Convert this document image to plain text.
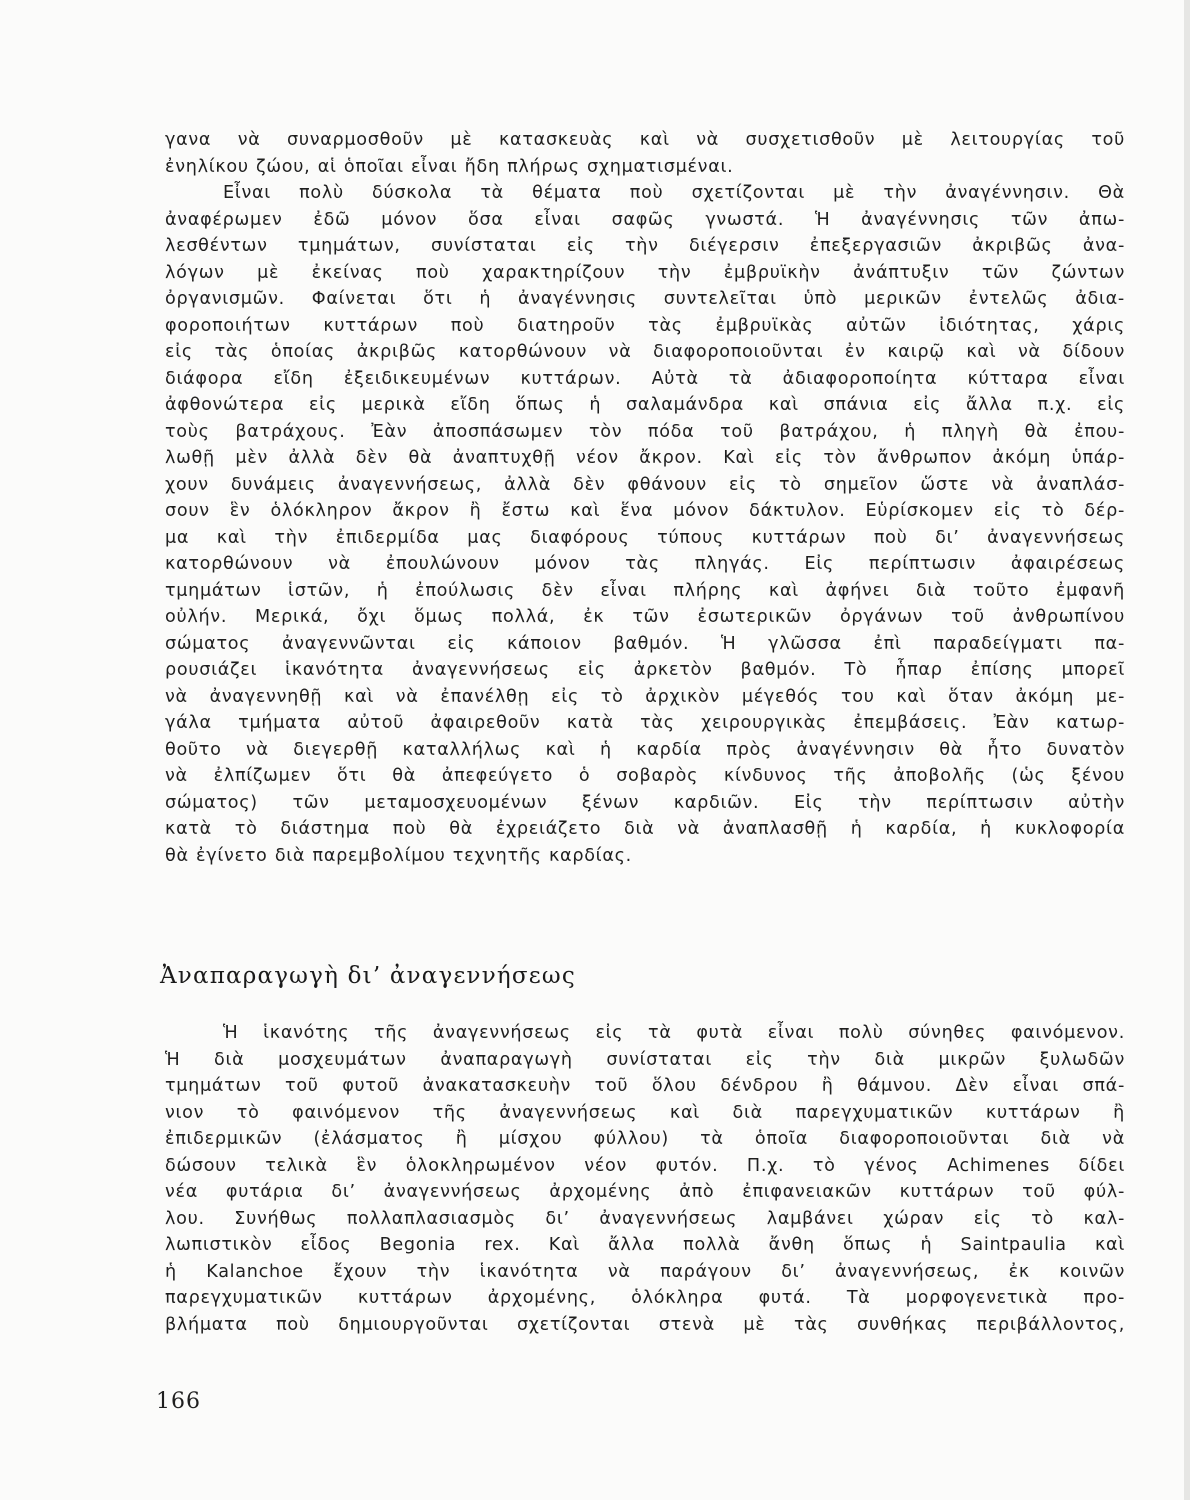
γανα νὰ συναρμοσθοῦν μὲ κατασκευὰς καὶ νὰ συσχετισθοῦν μὲ λειτουργίας τοῦ
ἐνηλίκου ζώου, αἱ ὁποῖαι εἶναι ἤδη πλήρως σχηματισμέναι.
Εἶναι πολὺ δύσκολα τὰ θέματα ποὺ σχετίζονται μὲ τὴν ἀναγέννησιν. Θὰ
ἀναφέρωμεν ἐδῶ μόνον ὅσα εἶναι σαφῶς γνωστά. Ἡ ἀναγέννησις τῶν ἀπω-
λεσθέντων τμημάτων, συνίσταται εἰς τὴν διέγερσιν ἐπεξεργασιῶν ἀκριβῶς ἀνα-
λόγων μὲ ἐκείνας ποὺ χαρακτηρίζουν τὴν ἐμβρυϊκὴν ἀνάπτυξιν τῶν ζώντων
ὀργανισμῶν. Φαίνεται ὅτι ἡ ἀναγέννησις συντελεῖται ὑπὸ μερικῶν ἐντελῶς ἀδια-
φοροποιήτων κυττάρων ποὺ διατηροῦν τὰς ἐμβρυϊκὰς αὐτῶν ἰδιότητας, χάρις
εἰς τὰς ὁποίας ἀκριβῶς κατορθώνουν νὰ διαφοροποιοῦνται ἐν καιρῷ καὶ νὰ δίδουν
διάφορα εἴδη ἐξειδικευμένων κυττάρων. Αὐτὰ τὰ ἀδιαφοροποίητα κύτταρα εἶναι
ἀφθονώτερα εἰς μερικὰ εἴδη ὅπως ἡ σαλαμάνδρα καὶ σπάνια εἰς ἄλλα π.χ. εἰς
τοὺς βατράχους. Ἐὰν ἀποσπάσωμεν τὸν πόδα τοῦ βατράχου, ἡ πληγὴ θὰ ἐπου-
λωθῇ μὲν ἀλλὰ δὲν θὰ ἀναπτυχθῇ νέον ἄκρον. Καὶ εἰς τὸν ἄνθρωπον ἀκόμη ὑπάρ-
χουν δυνάμεις ἀναγεννήσεως, ἀλλὰ δὲν φθάνουν εἰς τὸ σημεῖον ὥστε νὰ ἀναπλάσ-
σουν ἓν ὁλόκληρον ἄκρον ἢ ἔστω καὶ ἕνα μόνον δάκτυλον. Εὑρίσκομεν εἰς τὸ δέρ-
μα καὶ τὴν ἐπιδερμίδα μας διαφόρους τύπους κυττάρων ποὺ δι’ ἀναγεννήσεως
κατορθώνουν νὰ ἐπουλώνουν μόνον τὰς πληγάς. Εἰς περίπτωσιν ἀφαιρέσεως
τμημάτων ἱστῶν, ἡ ἐπούλωσις δὲν εἶναι πλήρης καὶ ἀφήνει διὰ τοῦτο ἐμφανῆ
οὐλήν. Μερικά, ὄχι ὅμως πολλά, ἐκ τῶν ἐσωτερικῶν ὀργάνων τοῦ ἀνθρωπίνου
σώματος ἀναγεννῶνται εἰς κάποιον βαθμόν. Ἡ γλῶσσα ἐπὶ παραδείγματι πα-
ρουσιάζει ἱκανότητα ἀναγεννήσεως εἰς ἀρκετὸν βαθμόν. Τὸ ἧπαρ ἐπίσης μπορεῖ
νὰ ἀναγεννηθῇ καὶ νὰ ἐπανέλθῃ εἰς τὸ ἀρχικὸν μέγεθός του καὶ ὅταν ἀκόμη με-
γάλα τμήματα αὐτοῦ ἀφαιρεθοῦν κατὰ τὰς χειρουργικὰς ἐπεμβάσεις. Ἐὰν κατωρ-
θοῦτο νὰ διεγερθῇ καταλλήλως καὶ ἡ καρδία πρὸς ἀναγέννησιν θὰ ἦτο δυνατὸν
νὰ ἐλπίζωμεν ὅτι θὰ ἀπεφεύγετο ὁ σοβαρὸς κίνδυνος τῆς ἀποβολῆς (ὡς ξένου
σώματος) τῶν μεταμοσχευομένων ξένων καρδιῶν. Εἰς τὴν περίπτωσιν αὐτὴν
κατὰ τὸ διάστημα ποὺ θὰ ἐχρειάζετο διὰ νὰ ἀναπλασθῇ ἡ καρδία, ἡ κυκλοφορία
θὰ ἐγίνετο διὰ παρεμβολίμου τεχνητῆς καρδίας.
Ἀναπαραγωγὴ δι’ ἀναγεννήσεως
Ἡ ἱκανότης τῆς ἀναγεννήσεως εἰς τὰ φυτὰ εἶναι πολὺ σύνηθες φαινόμενον.
Ἡ διὰ μοσχευμάτων ἀναπαραγωγὴ συνίσταται εἰς τὴν διὰ μικρῶν ξυλωδῶν
τμημάτων τοῦ φυτοῦ ἀνακατασκευὴν τοῦ ὅλου δένδρου ἢ θάμνου. Δὲν εἶναι σπά-
νιον τὸ φαινόμενον τῆς ἀναγεννήσεως καὶ διὰ παρεγχυματικῶν κυττάρων ἢ
ἐπιδερμικῶν (ἐλάσματος ἢ μίσχου φύλλου) τὰ ὁποῖα διαφοροποιοῦνται διὰ νὰ
δώσουν τελικὰ ἓν ὁλοκληρωμένον νέον φυτόν. Π.χ. τὸ γένος Achimenes δίδει
νέα φυτάρια δι’ ἀναγεννήσεως ἀρχομένης ἀπὸ ἐπιφανειακῶν κυττάρων τοῦ φύλ-
λου. Συνήθως πολλαπλασιασμὸς δι’ ἀναγεννήσεως λαμβάνει χώραν εἰς τὸ καλ-
λωπιστικὸν εἶδος Begonia rex. Καὶ ἄλλα πολλὰ ἄνθη ὅπως ἡ Saintpaulia καὶ
ἡ Kalanchoe ἔχουν τὴν ἱκανότητα νὰ παράγουν δι’ ἀναγεννήσεως, ἐκ κοινῶν
παρεγχυματικῶν κυττάρων ἀρχομένης, ὁλόκληρα φυτά. Τὰ μορφογενετικὰ προ-
βλήματα ποὺ δημιουργοῦνται σχετίζονται στενὰ μὲ τὰς συνθήκας περιβάλλοντος,
166
